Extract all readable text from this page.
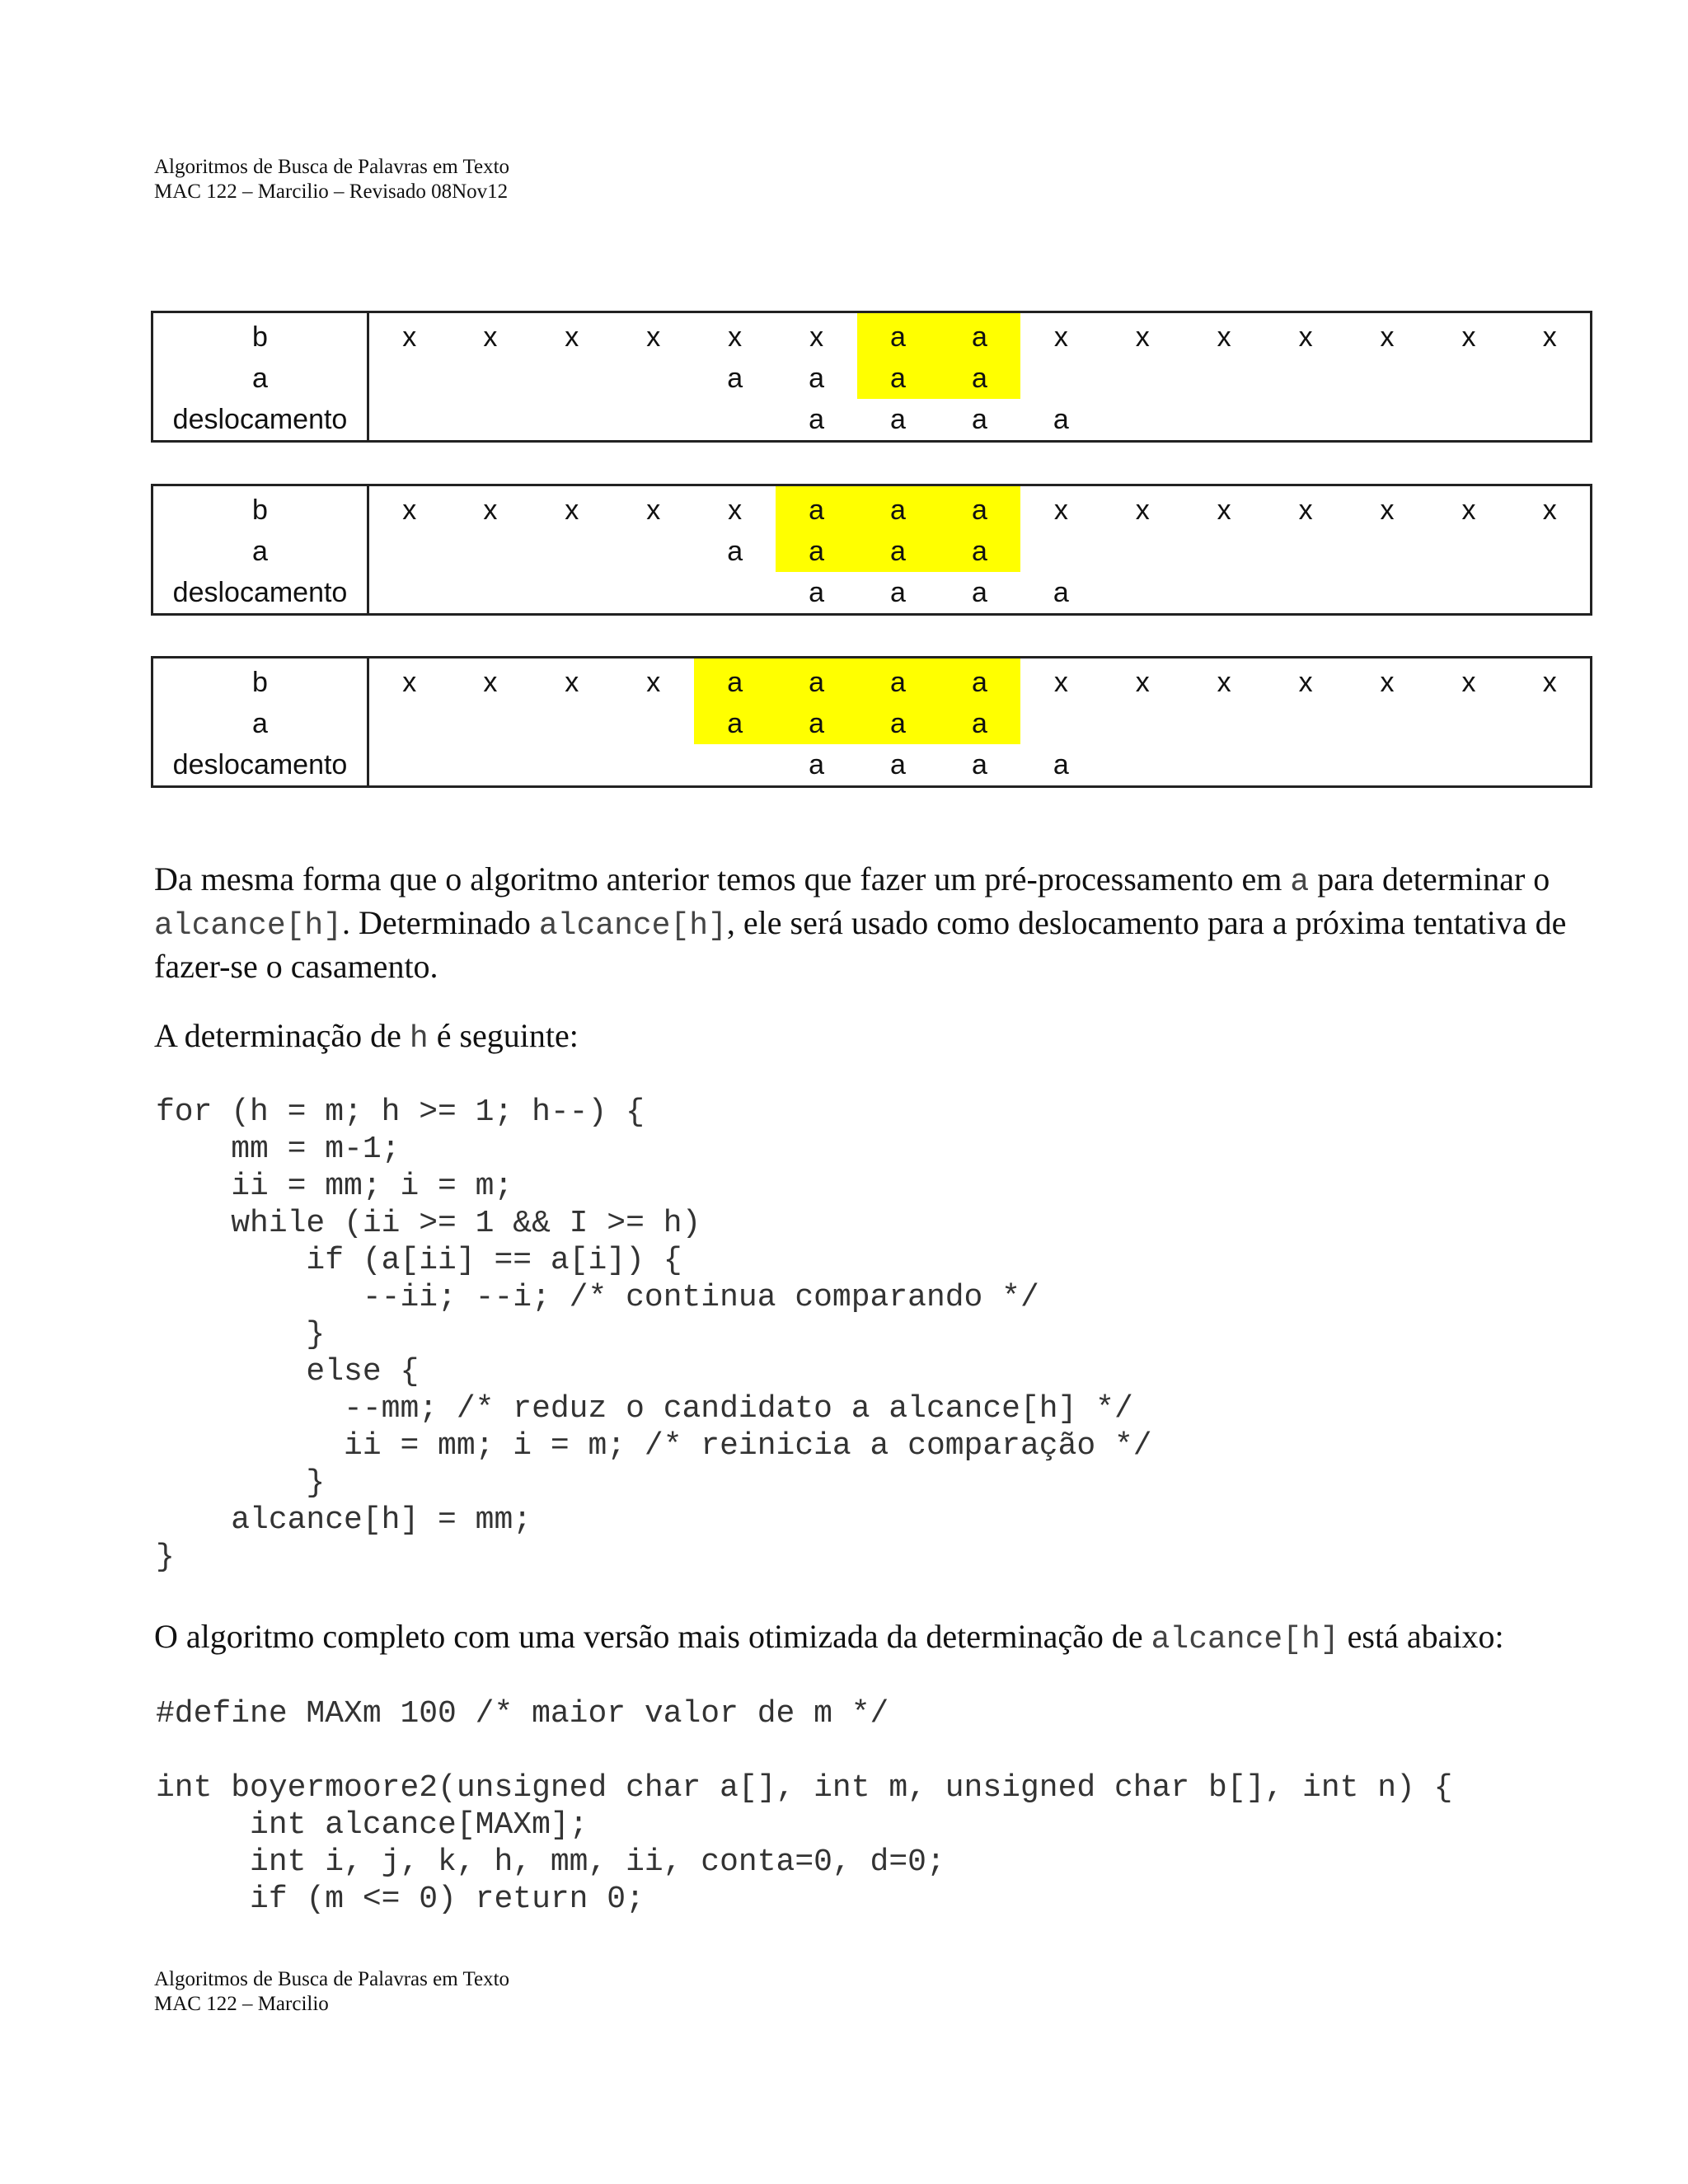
Algoritmos de Busca de Palavras em Texto
MAC 122 – Marcilio – Revisado 08Nov12
b	x	x	x	x	x	x	a	a	x	x	x	x	x	x	x
a					a	a	a	a							
deslocamento						a	a	a	a						
b	x	x	x	x	x	a	a	a	x	x	x	x	x	x	x
a					a	a	a	a							
deslocamento						a	a	a	a						
b	x	x	x	x	a	a	a	a	x	x	x	x	x	x	x
a					a	a	a	a							
deslocamento						a	a	a	a						
Da mesma forma que o algoritmo anterior temos que fazer um pré-processamento em a para determinar o alcance[h]. Determinado alcance[h], ele será usado como deslocamento para a próxima tentativa de fazer-se o casamento.
A determinação de h é seguinte:
for (h = m; h >= 1; h--) {
mm = m-1;
ii = mm; i = m;
while (ii >= 1 && I >= h)
if (a[ii] == a[i]) {
--ii; --i; /* continua comparando */
}
else {
--mm; /* reduz o candidato a alcance[h] */
ii = mm; i = m; /* reinicia a comparação */
}
alcance[h] = mm;
}
O algoritmo completo com uma versão mais otimizada da determinação de alcance[h] está abaixo:
#define MAXm 100 /* maior valor de m */

int boyermoore2(unsigned char a[], int m, unsigned char b[], int n) {
int alcance[MAXm];
int i, j, k, h, mm, ii, conta=0, d=0;
if (m <= 0) return 0;
Algoritmos de Busca de Palavras em Texto
MAC 122 – Marcilio
